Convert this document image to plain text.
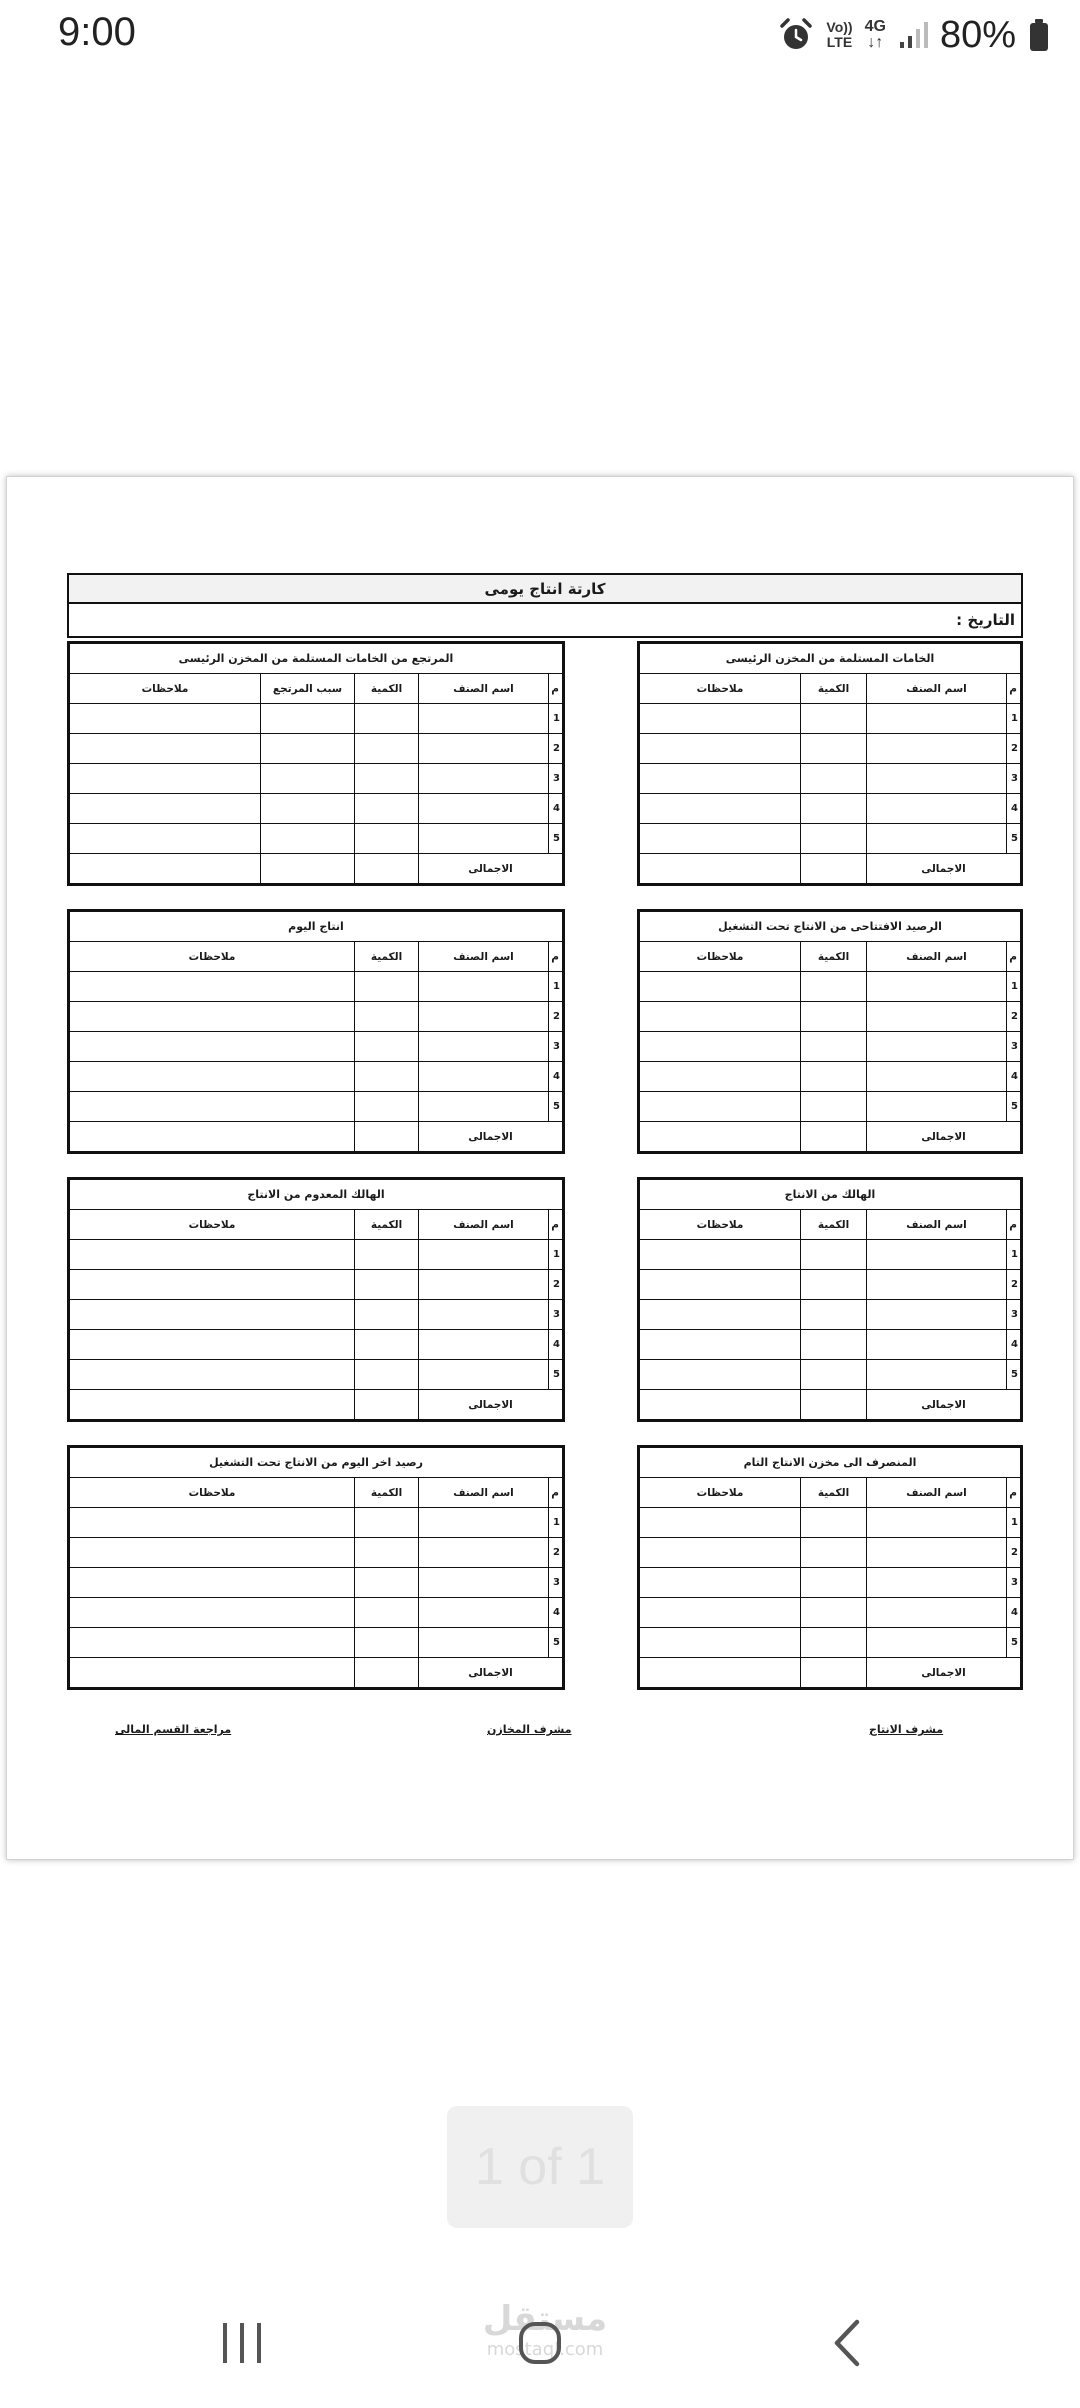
9:00	Vo))
LTE
4G
↓↑ 80%
كارتة انتاج يومى
التاريخ :
الخامات المستلمة من المخزن الرئيسى			
م	اسم الصنف	الكمية	ملاحظات
1			
2			
3			
4			
5			
الاجمالى			
المرتجع من الخامات المستلمة من المخزن الرئيسى				
م	اسم الصنف	الكمية	سبب المرتجع	ملاحظات
1				
2				
3				
4				
5				
الاجمالى				
الرصيد الافتتاحى من الانتاج تحت التشغيل			
م	اسم الصنف	الكمية	ملاحظات
1			
2			
3			
4			
5			
الاجمالى			
انتاج اليوم			
م	اسم الصنف	الكمية	ملاحظات
1			
2			
3			
4			
5			
الاجمالى			
الهالك من الانتاج			
م	اسم الصنف	الكمية	ملاحظات
1			
2			
3			
4			
5			
الاجمالى			
الهالك المعدوم من الانتاج			
م	اسم الصنف	الكمية	ملاحظات
1			
2			
3			
4			
5			
الاجمالى			
المنصرف الى مخزن الانتاج التام			
م	اسم الصنف	الكمية	ملاحظات
1			
2			
3			
4			
5			
الاجمالى			
رصيد اخر اليوم من الانتاج تحت التشغيل			
م	اسم الصنف	الكمية	ملاحظات
1			
2			
3			
4			
5			
الاجمالى			
مشرف الانتاج
مشرف المخازن
مراجعة القسم المالى
1 of 1
مستقل
mostaql.com
